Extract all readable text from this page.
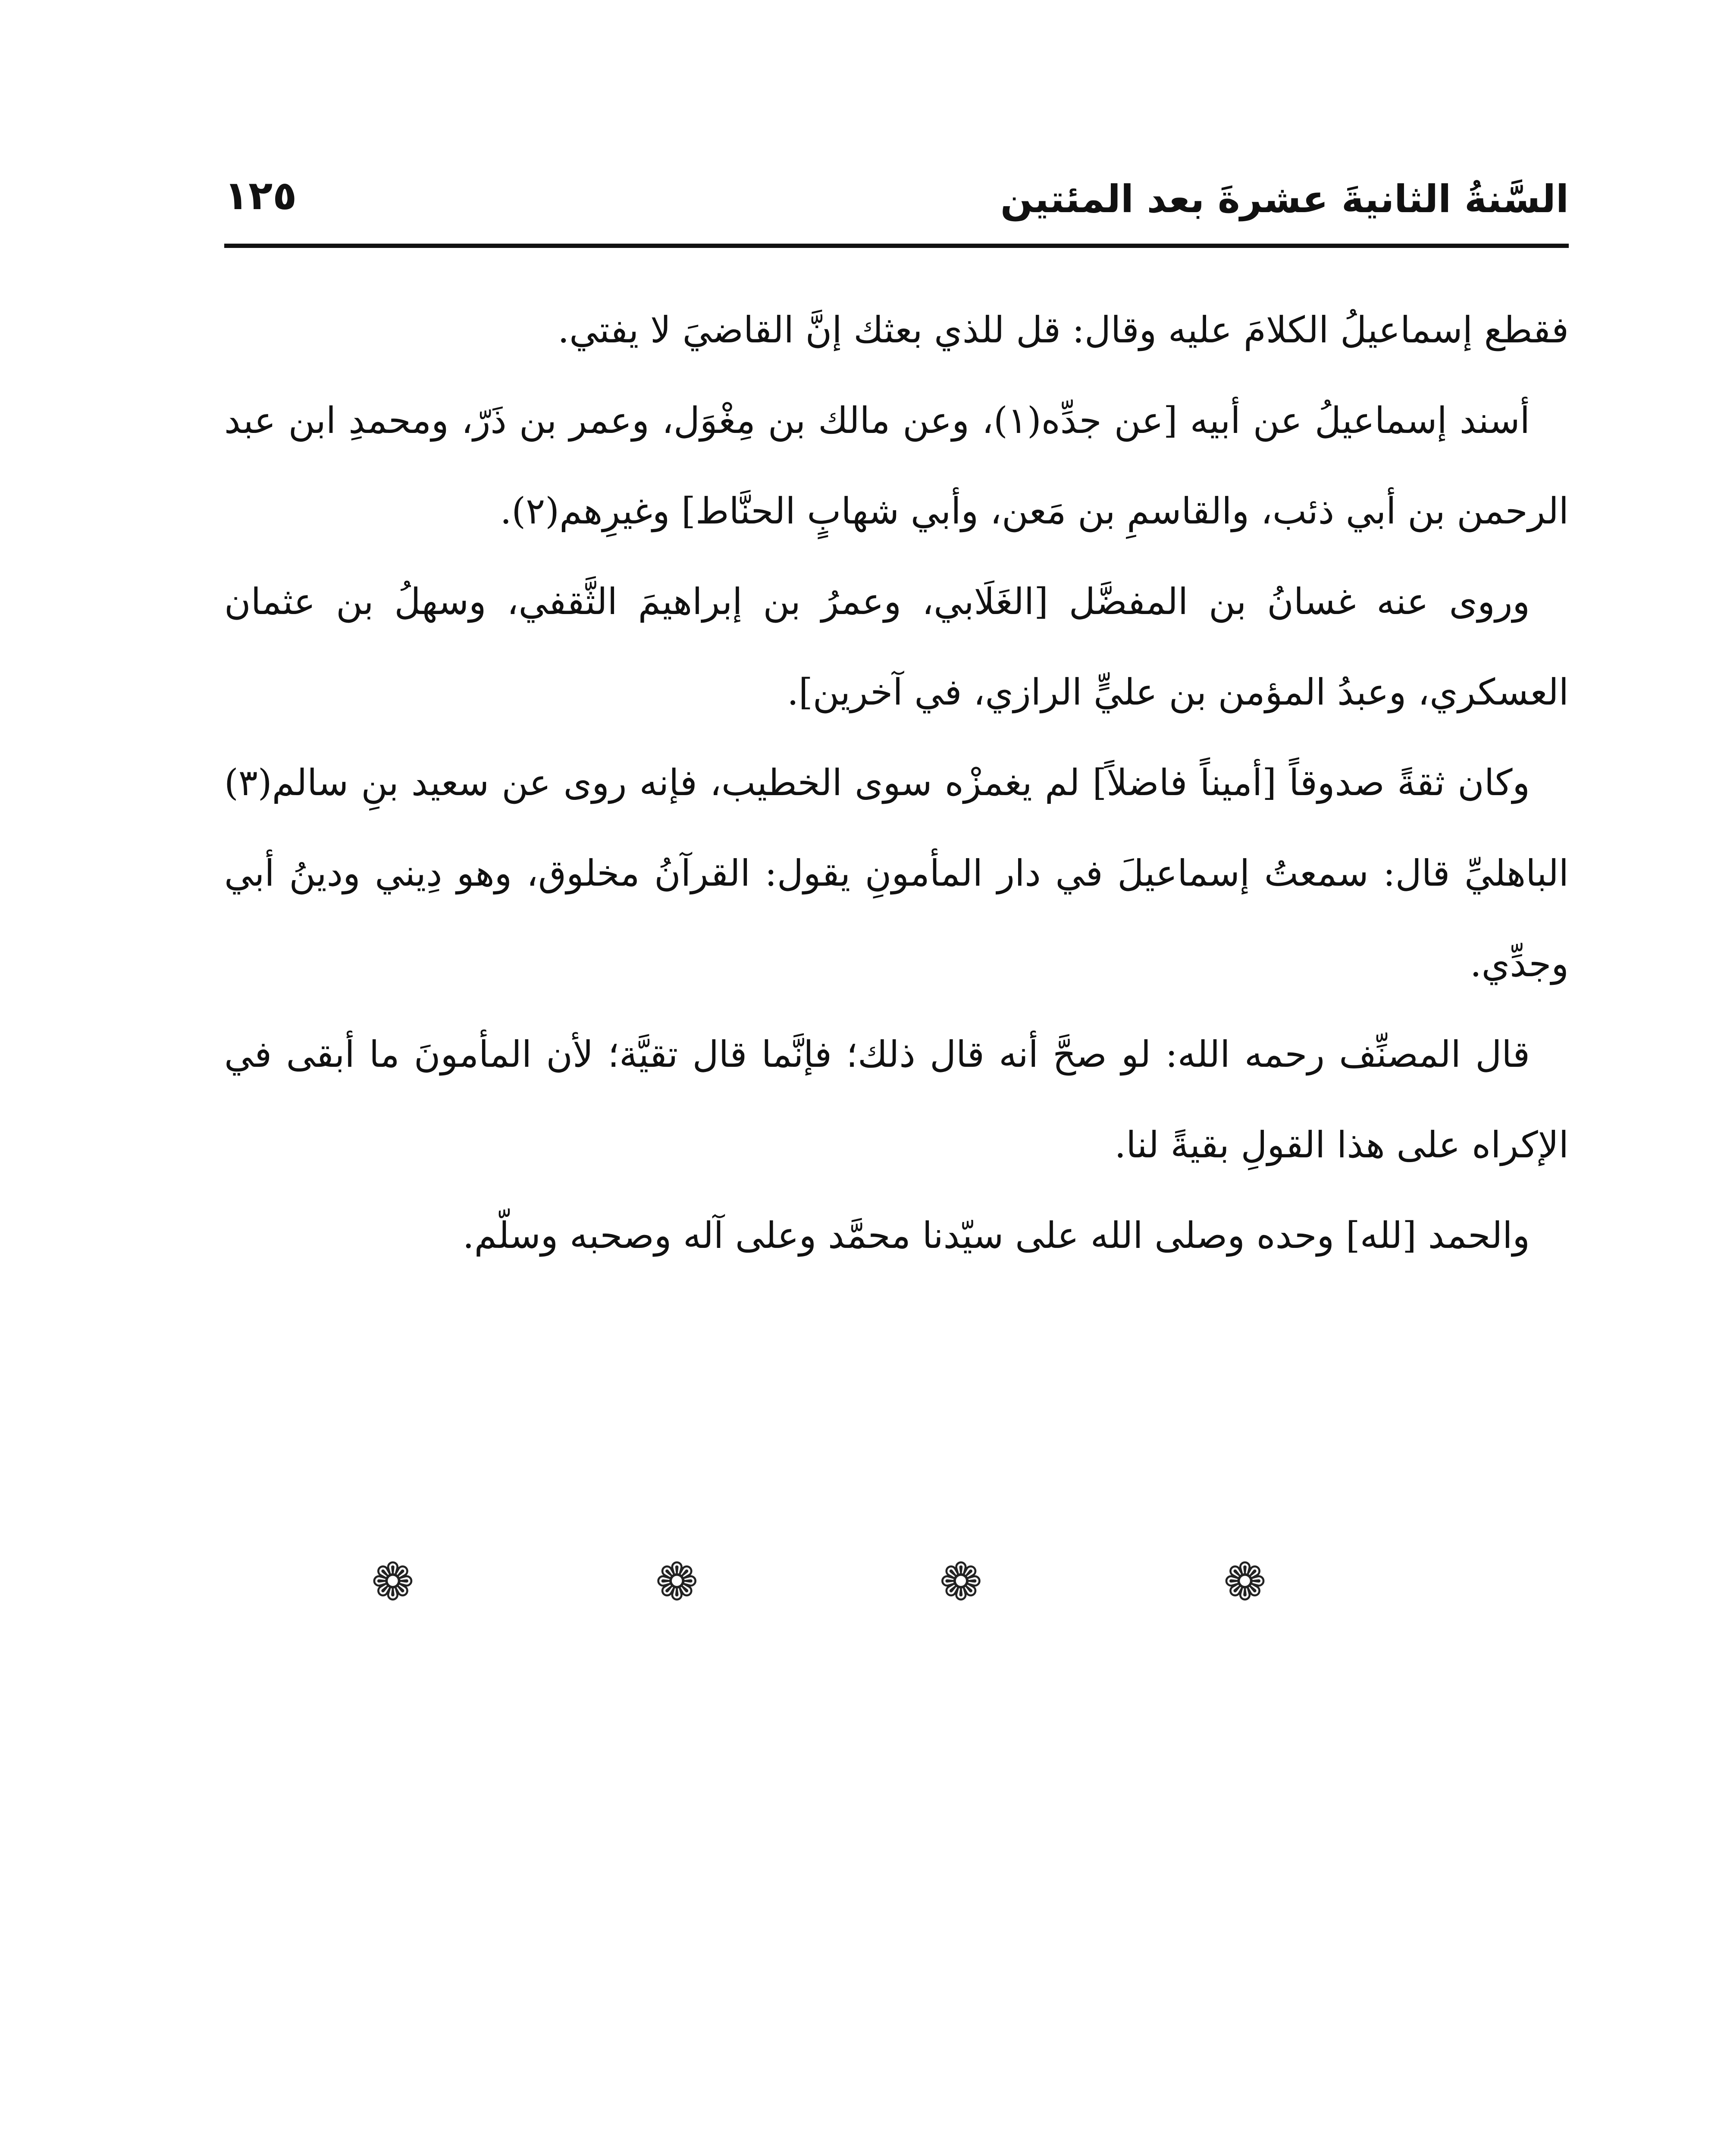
السَّنةُ الثانيةَ عشرةَ بعد المئتين
١٢٥

فقطع إسماعيلُ الكلامَ عليه وقال: قل للذي بعثك إنَّ القاضيَ لا يفتي.

أسند إسماعيلُ عن أبيه [عن جدِّه(١)، وعن مالك بن مِغْوَل، وعمر بن ذَرّ، ومحمدِ ابن عبد الرحمن بن أبي ذئب، والقاسمِ بن مَعن، وأبي شهابٍ الحنَّاط] وغيرِهم(٢).

وروى عنه غسانُ بن المفضَّل [الغَلَابي، وعمرُ بن إبراهيمَ الثَّقفي، وسهلُ بن عثمان العسكري، وعبدُ المؤمن بن عليٍّ الرازي، في آخرين].

وكان ثقةً صدوقاً [أميناً فاضلاً] لم يغمزْه سوى الخطيب، فإنه روى عن سعيد بنِ سالم(٣) الباهليِّ قال: سمعتُ إسماعيلَ في دار المأمونِ يقول: القرآنُ مخلوق، وهو دِيني ودينُ أبي وجدِّي.

قال المصنِّف رحمه الله: لو صحَّ أنه قال ذلك؛ فإنَّما قال تقيَّة؛ لأن المأمونَ ما أبقى في الإكراه على هذا القولِ بقيةً لنا.

والحمد [لله] وحده وصلى الله على سيّدنا محمَّد وعلى آله وصحبه وسلّم.

❁	❁	❁	❁
